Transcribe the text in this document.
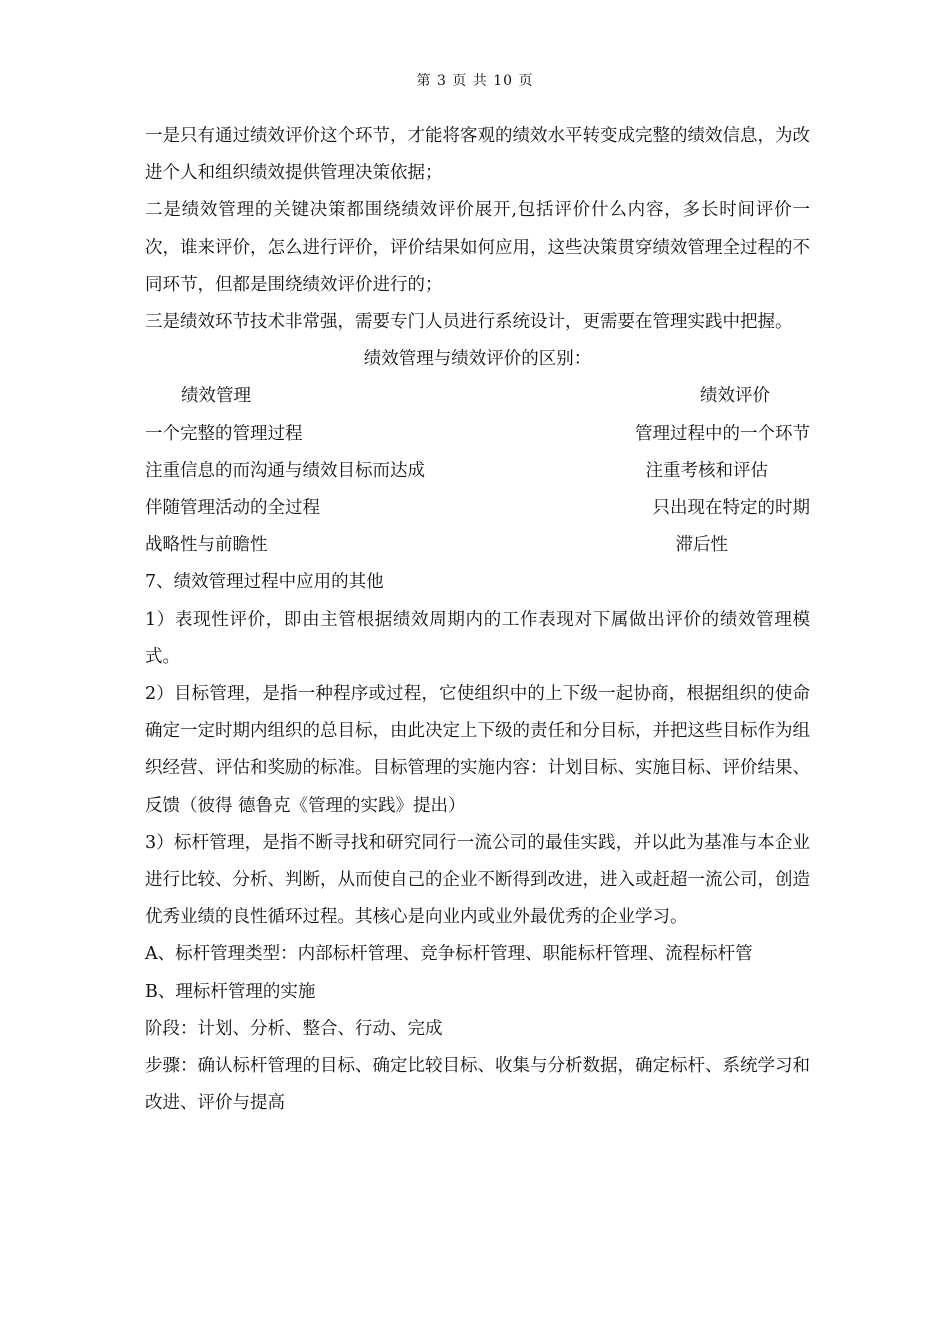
第 3 页 共 10 页

一是只有通过绩效评价这个环节，才能将客观的绩效水平转变成完整的绩效信息，为改进个人和组织绩效提供管理决策依据；

二是绩效管理的关键决策都围绕绩效评价展开,包括评价什么内容，多长时间评价一次，谁来评价，怎么进行评价，评价结果如何应用，这些决策贯穿绩效管理全过程的不同环节，但都是围绕绩效评价进行的；

三是绩效环节技术非常强，需要专门人员进行系统设计，更需要在管理实践中把握。

绩效管理与绩效评价的区别：

绩效管理	绩效评价
一个完整的管理过程	管理过程中的一个环节
注重信息的而沟通与绩效目标而达成	注重考核和评估
伴随管理活动的全过程	只出现在特定的时期
战略性与前瞻性	滞后性

7、绩效管理过程中应用的其他

1）表现性评价，即由主管根据绩效周期内的工作表现对下属做出评价的绩效管理模式。

2）目标管理，是指一种程序或过程，它使组织中的上下级一起协商，根据组织的使命确定一定时期内组织的总目标，由此决定上下级的责任和分目标，并把这些目标作为组织经营、评估和奖励的标准。目标管理的实施内容：计划目标、实施目标、评价结果、反馈（彼得 德鲁克《管理的实践》提出）

3）标杆管理，是指不断寻找和研究同行一流公司的最佳实践，并以此为基准与本企业进行比较、分析、判断，从而使自己的企业不断得到改进，进入或赶超一流公司，创造优秀业绩的良性循环过程。其核心是向业内或业外最优秀的企业学习。

A、标杆管理类型：内部标杆管理、竞争标杆管理、职能标杆管理、流程标杆管

B、理标杆管理的实施

阶段：计划、分析、整合、行动、完成

步骤：确认标杆管理的目标、确定比较目标、收集与分析数据，确定标杆、系统学习和改进、评价与提高
